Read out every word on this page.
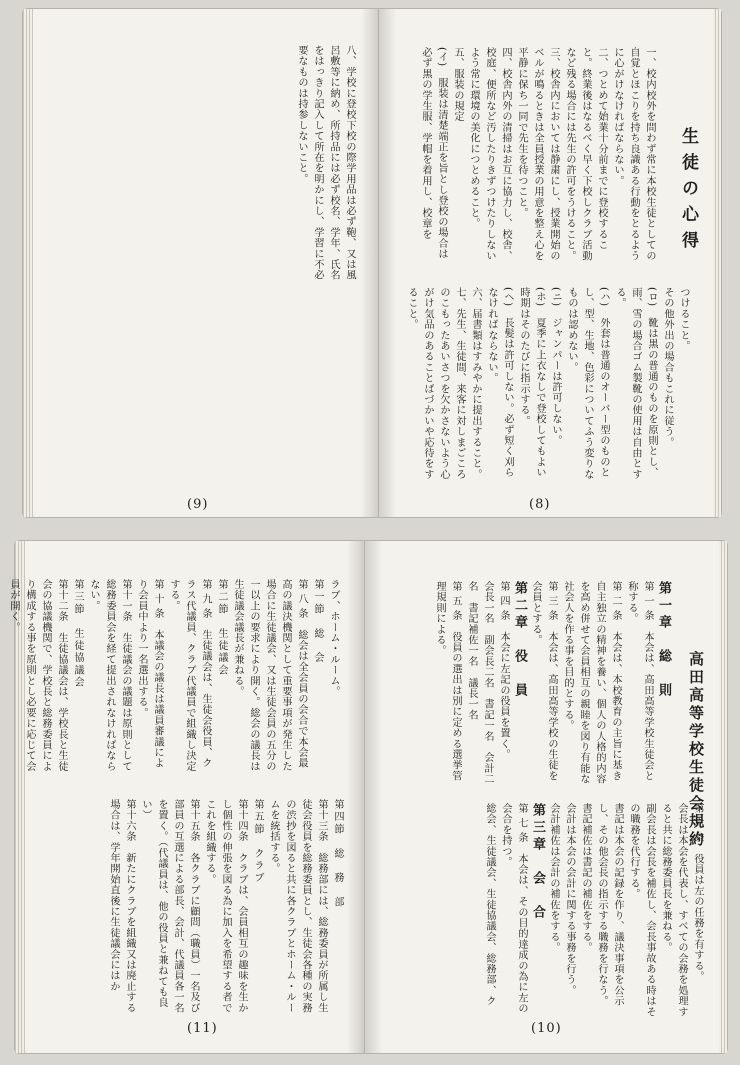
八、学校に登校下校の際学用品は必ず鞄、又は風呂敷等に納め、所持品には必ず校名、学年、氏名をはっきり記入して所在を明かにし、学習に不必要なものは持参しないこと。

(9)
生徒の心得

一、校内校外を問わず常に本校生徒としての自覚とほこりを持ち良識ある行動をとるように心がけなければならない。

二、つとめて始業十分前までに登校すること。終業後はなるべく早く下校しクラブ活動など残る場合には先生の許可をうけること。

三、校舎内においては静粛にし、授業開始のベルが鳴るときは全員授業の用意を整え心を平静に保ち一同で先生を待つこと。

四、校舎内外の清掃はお互に協力し、校舎、校庭、便所など汚したりきずつけたりしないよう常に環境の美化につとめること。

五、服装の規定

(イ)　服装は清楚端正を旨とし登校の場合は必ず黒の学生服、学帽を着用し、校章を

つけること。

その他外出の場合もこれに従う。

(ロ)　靴は黒の普通のものを原則とし、雨、雪の場合ゴム製靴の使用は自由とする。

(ハ)　外套は普通のオーバー型のものとし、型、生地、色彩についてふう変りなものは認めない。

(ニ)　ジャンパーは許可しない。

(ホ)　夏季に上衣なしで登校してもよい時期はそのたびに指示する。

(ヘ)　長髪は許可しない。必ず短く刈らなければならない。

六、届書類はすみやかに提出すること。

七、先生、生徒間、来客に対しまごころのこもったあいさつを欠かさないよう心がけ気品のあることばづかいや応待をすること。

(8)

ラブ、ホーム・ルーム。

第一節　総　会

第 八 条　総会は全会員の会合で本会最高の議決機関として重要事項が発生した場合に生徒議会、又は生徒会員の五分の一以上の要求により開く。総会の議長は生徒議会議長が兼ねる。

第二節　生徒議会

第 九 条　生徒議会は、生徒会役員、クラス代議員、クラブ代議員で組織し決定する。

第 十 条　本議会の議長は議員審議により会員中より一名選出する。

第十一条　生徒議会の議題は原則として総務委員会を経て提出されなければならない。

第三節　生徒協議会

第十二条　生徒協議会は、学校長と生徒会の協議機関で、学校長と総務委員により構成する事を原則とし必要に応じて会員が開く。

第四節　総　務　部

第十三条　総務部には、総務委員が所属し生徒会役員を総務委員とし、生徒会各種の実務の渋抄を図ると共に各クラブとホーム・ルームを統括する。

第五節　クラブ

第十四条　クラブは、会員相互の趣味を生かし個性の伸張を図る為に加入を希望する者でこれを組織する。

第十五条　各クラブに顧問（職員）一名及び部員の互選による部長、会計、代議員各一名を置く。（代議員は、他の役員と兼ねても良い）

第十六条　新たにクラブを組織又は廃止する場合は、学年開始直後に生徒議会にはか

(11)
高田高等学校生徒会規約

第一章　総　則

第 一 条　本会は、高田高等学校生徒会と称する。

第 二 条　本会は、本校教育の主旨に基き自主独立の精神を養い、個人の人格的内容を高め併せて会員相互の親睦を図り有能な社会人を作る事を目的とする。

第 三 条　本会は、高田高等学校の生徒を会員とする。

第二章　役　員

第 四 条　本会に左記の役員を置く。

会長一名　副会長二名　書記一名　会計二名　書記補佐一名　議長一名

第 五 条　役員の選出は別に定める選挙管理規則による。

第 六 条　役員は左の任務を有する。

会長は本会を代表し、すべての会務を処理すると共に総務委員長を兼ねる。

副会長は会長を補佐し、会長事故ある時はその職務を代行する。

書記は本会の記録を作り、議決事項を公示し、その他会長の指示する職務を行なう。

書記補佐は書記の補佐をする。

会計は本会の会計に関する事務を行う。

会計補佐は会計の補佐をする。

第三章　会　合

第 七 条　本会は、その目的達成の為に左の会合を持つ。

総会、生徒議会、生徒協議会、総務部、ク

(10)
